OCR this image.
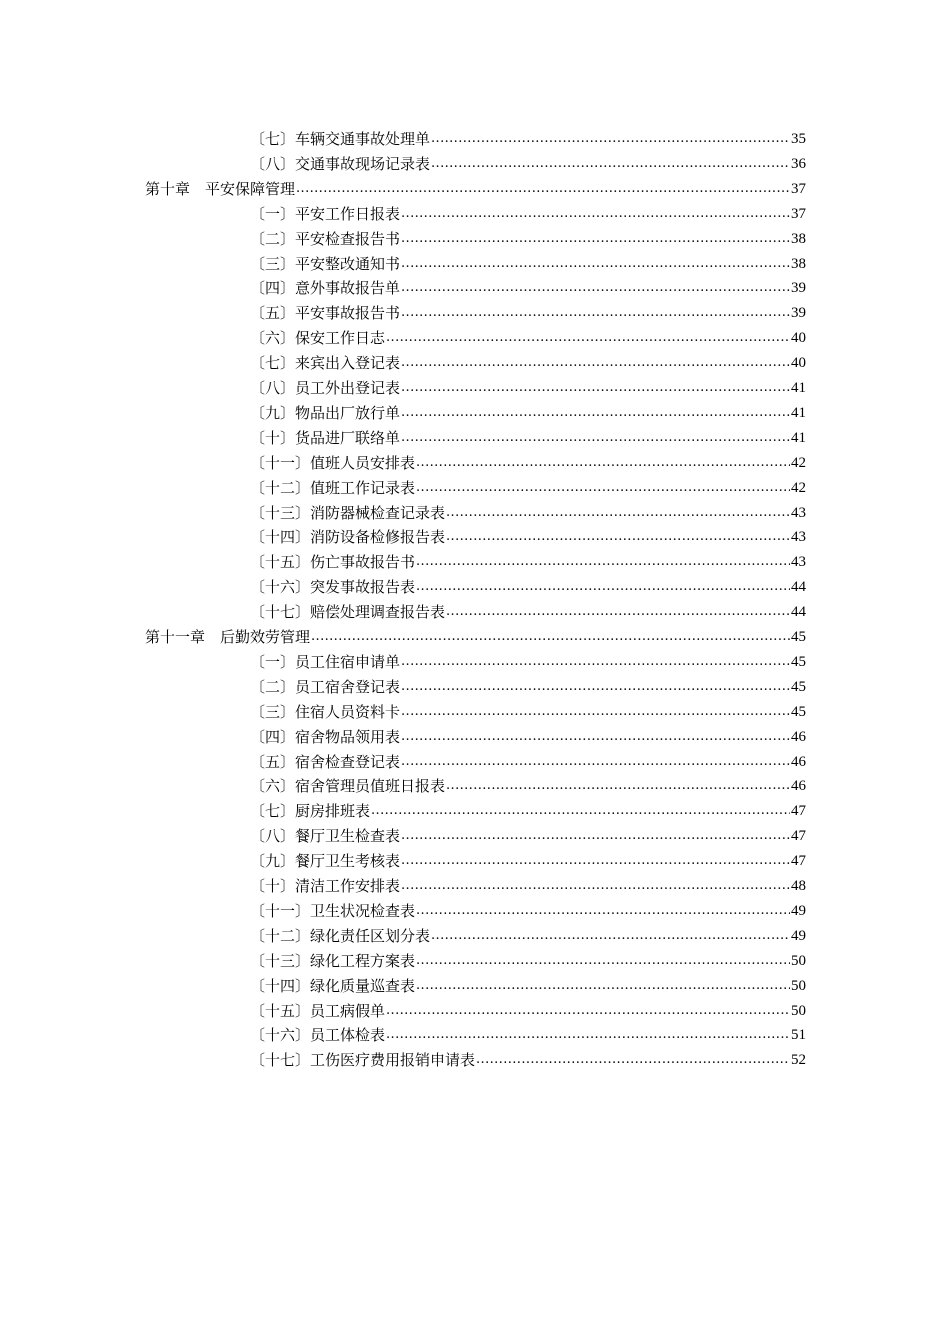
〔七〕车辆交通事故处理单 .....	35
〔八〕交通事故现场记录表 .....	36
第十章　平安保障管理 .....	37
〔一〕平安工作日报表 .....	37
〔二〕平安检查报告书 .....	38
〔三〕平安整改通知书 .....	38
〔四〕意外事故报告单 .....	39
〔五〕平安事故报告书 .....	39
〔六〕保安工作日志 .....	40
〔七〕来宾出入登记表 .....	40
〔八〕员工外出登记表 .....	41
〔九〕物品出厂放行单 .....	41
〔十〕货品进厂联络单 .....	41
〔十一〕值班人员安排表 .....	42
〔十二〕值班工作记录表 .....	42
〔十三〕消防器械检查记录表 .....	43
〔十四〕消防设备检修报告表 .....	43
〔十五〕伤亡事故报告书 .....	43
〔十六〕突发事故报告表 .....	44
〔十七〕赔偿处理调查报告表 .....	44
第十一章　后勤效劳管理 .....	45
〔一〕员工住宿申请单 .....	45
〔二〕员工宿舍登记表 .....	45
〔三〕住宿人员资料卡 .....	45
〔四〕宿舍物品领用表 .....	46
〔五〕宿舍检查登记表 .....	46
〔六〕宿舍管理员值班日报表 .....	46
〔七〕厨房排班表 .....	47
〔八〕餐厅卫生检查表 .....	47
〔九〕餐厅卫生考核表 .....	47
〔十〕清洁工作安排表 .....	48
〔十一〕卫生状况检查表 .....	49
〔十二〕绿化责任区划分表 .....	49
〔十三〕绿化工程方案表 .....	50
〔十四〕绿化质量巡查表 .....	50
〔十五〕员工病假单 .....	50
〔十六〕员工体检表 .....	51
〔十七〕工伤医疗费用报销申请表 .....	52
